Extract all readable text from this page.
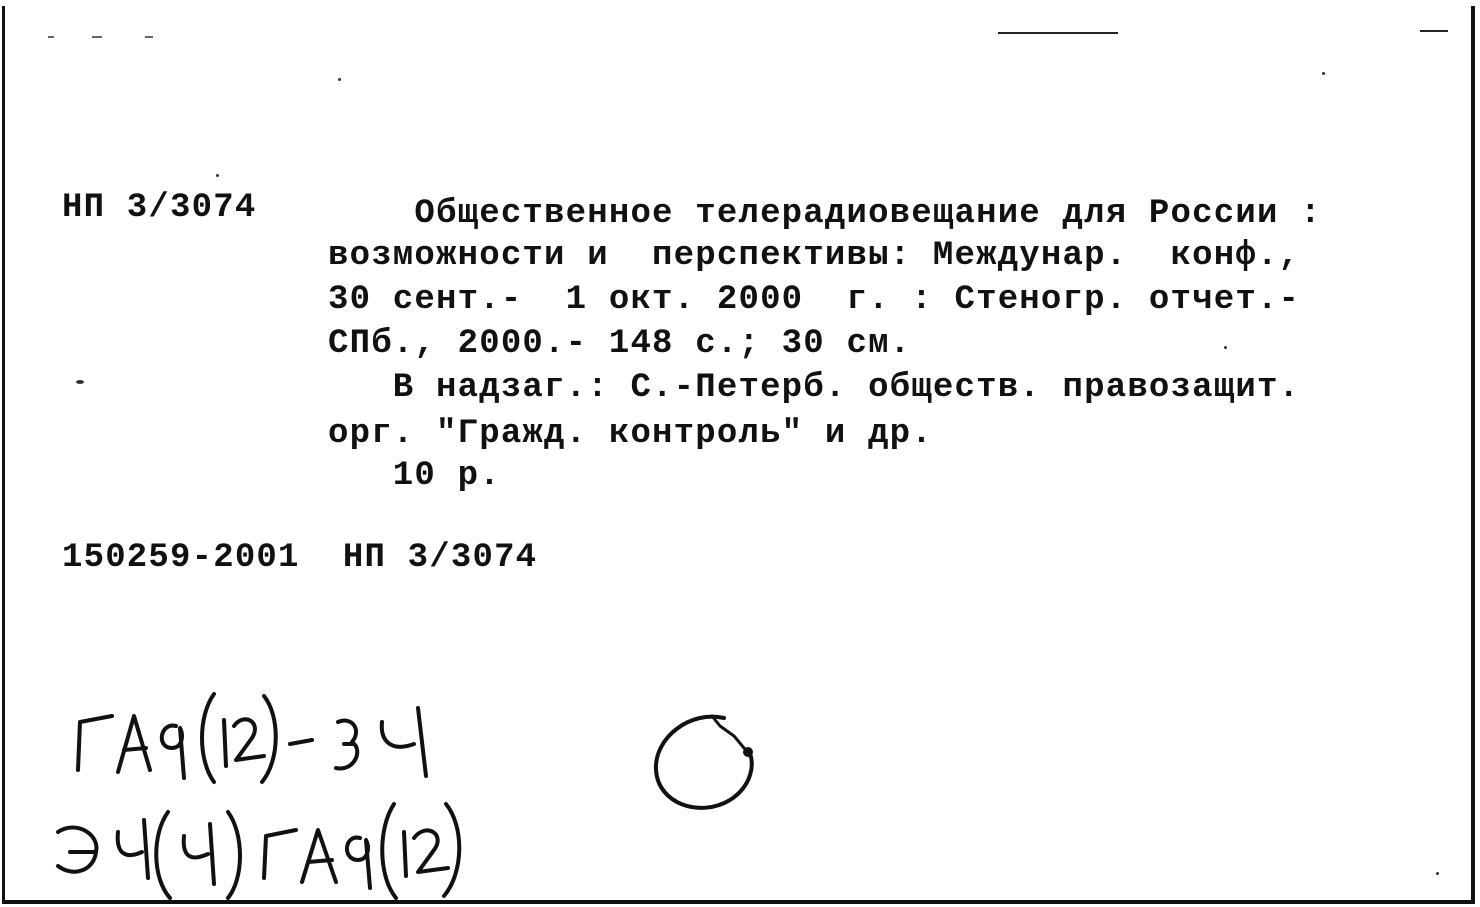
НП 3/3074 Общественное телерадиовещание для России :
возможности и  перспективы: Междунар.  конф.,
30 сент.-  1 окт. 2000  г. : Стеногр. отчет.-
СПб., 2000.- 148 с.; 30 см.
В надзаг.: С.-Петерб. обществ. правозащит.
орг. "Гражд. контроль" и др.
10 р.
150259-2001  НП 3/3074
